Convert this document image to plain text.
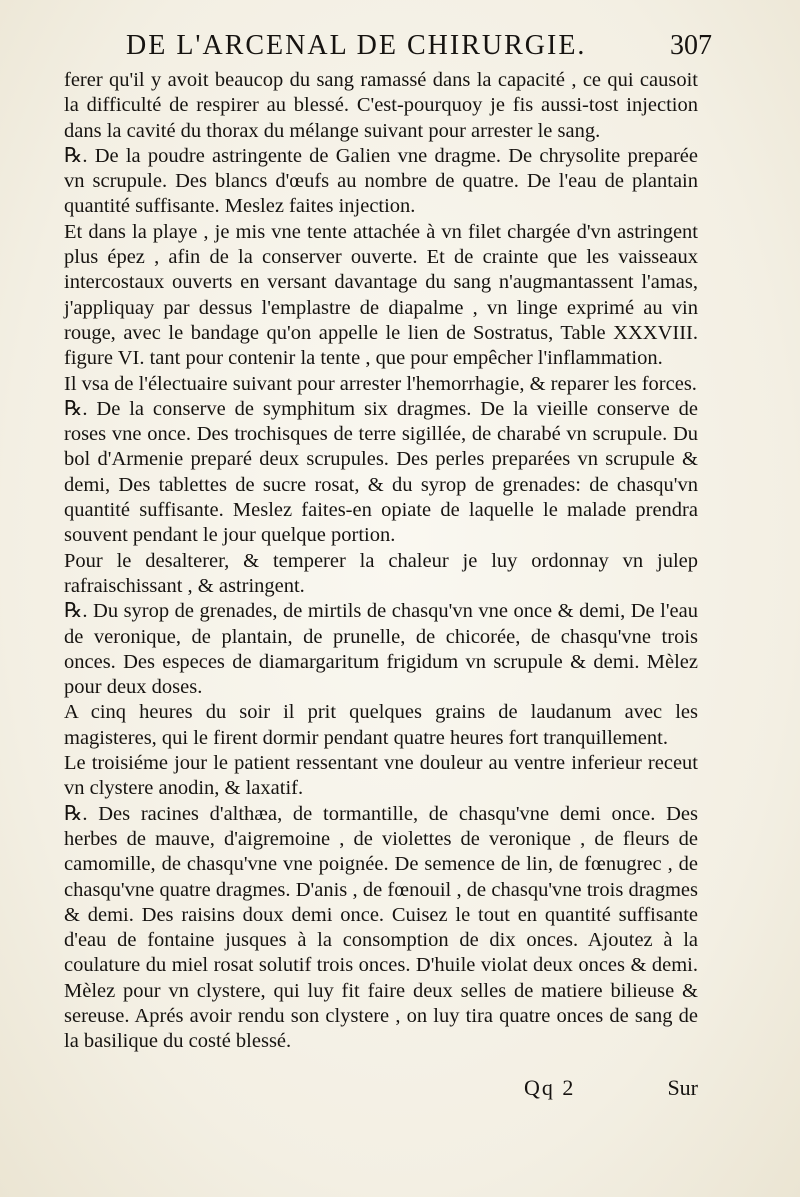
DE L'ARCENAL DE CHIRURGIE.	307

ferer qu'il y avoit beaucop du sang ramassé dans la capacité , ce qui causoit la difficulté de respirer au blessé. C'est-pourquoy je fis aussi-tost injection dans la cavité du thorax du mélange suivant pour arrester le sang.

℞. De la poudre astringente de Galien vne dragme. De chrysolite preparée vn scrupule. Des blancs d'œufs au nombre de quatre. De l'eau de plantain quantité suffisante. Meslez faites injection.

Et dans la playe , je mis vne tente attachée à vn filet chargée d'vn astringent plus épez , afin de la conserver ouverte. Et de crainte que les vaisseaux intercostaux ouverts en versant davantage du sang n'augmantassent l'amas, j'appliquay par dessus l'emplastre de diapalme , vn linge exprimé au vin rouge, avec le bandage qu'on appelle le lien de Sostratus, Table XXXVIII. figure VI. tant pour contenir la tente , que pour empêcher l'inflammation.

Il vsa de l'électuaire suivant pour arrester l'hemorrhagie, & reparer les forces.

℞. De la conserve de symphitum six dragmes. De la vieille conserve de roses vne once. Des trochisques de terre sigillée, de charabé vn scrupule. Du bol d'Armenie preparé deux scrupules. Des perles preparées vn scrupule & demi, Des tablettes de sucre rosat, & du syrop de grenades: de chasqu'vn quantité suffisante. Meslez faites-en opiate de laquelle le malade prendra souvent pendant le jour quelque portion.

Pour le desalterer, & temperer la chaleur je luy ordonnay vn julep rafraischissant , & astringent.

℞. Du syrop de grenades, de mirtils de chasqu'vn vne once & demi, De l'eau de veronique, de plantain, de prunelle, de chicorée, de chasqu'vne trois onces. Des especes de diamargaritum frigidum vn scrupule & demi. Mèlez pour deux doses.

A cinq heures du soir il prit quelques grains de laudanum avec les magisteres, qui le firent dormir pendant quatre heures fort tranquillement.

Le troisiéme jour le patient ressentant vne douleur au ventre inferieur receut vn clystere anodin, & laxatif.

℞. Des racines d'althæa, de tormantille, de chasqu'vne demi once. Des herbes de mauve, d'aigremoine , de violettes de veronique , de fleurs de camomille, de chasqu'vne vne poignée. De semence de lin, de fœnugrec , de chasqu'vne quatre dragmes. D'anis , de fœnouil , de chasqu'vne trois dragmes & demi. Des raisins doux demi once. Cuisez le tout en quantité suffisante d'eau de fontaine jusques à la consomption de dix onces. Ajoutez à la coulature du miel rosat solutif trois onces. D'huile violat deux onces & demi. Mèlez pour vn clystere, qui luy fit faire deux selles de matiere bilieuse & sereuse. Aprés avoir rendu son clystere , on luy tira quatre onces de sang de la basilique du costé blessé.

Qq 2	Sur
